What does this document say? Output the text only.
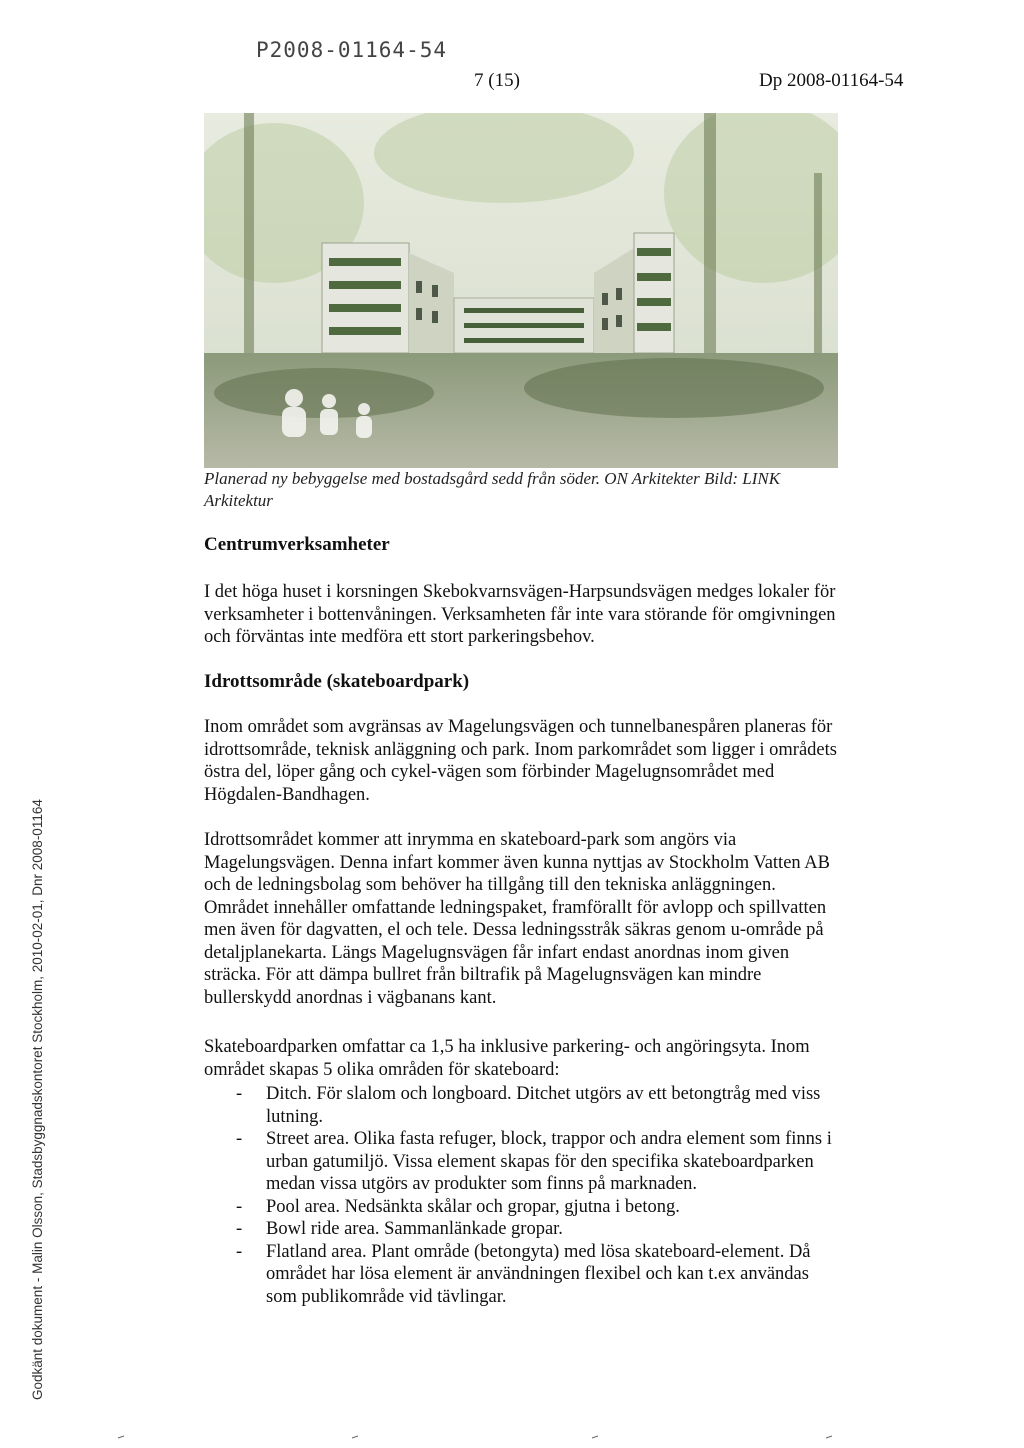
P2008-01164-54
7 (15)	Dp 2008-01164-54
Godkänt dokument - Malin Olsson, Stadsbyggnadskontoret Stockholm, 2010-02-01, Dnr 2008-01164
Planerad ny bebyggelse med bostadsgård sedd från söder. ON Arkitekter Bild: LINK Arkitektur
Centrumverksamheter

I det höga huset i korsningen Skebokvarnsvägen-Harpsundsvägen medges lokaler för verksamheter i bottenvåningen. Verksamheten får inte vara störande för omgivningen och förväntas inte medföra ett stort parkeringsbehov.

Idrottsområde (skateboardpark)

Inom området som avgränsas av Magelungsvägen och tunnelbanespåren planeras för idrottsområde, teknisk anläggning och park. Inom parkområdet som ligger i områdets östra del, löper gång och cykel-vägen som förbinder Magelugnsområdet med Högdalen-Bandhagen.

Idrottsområdet kommer att inrymma en skateboard-park som angörs via Magelungsvägen. Denna infart kommer även kunna nyttjas av Stockholm Vatten AB och de ledningsbolag som behöver ha tillgång till den tekniska anläggningen. Området innehåller omfattande ledningspaket, framförallt för avlopp och spillvatten men även för dagvatten, el och tele. Dessa ledningsstråk säkras genom u-område på detaljplanekarta. Längs Magelugnsvägen får infart endast anordnas inom given sträcka. För att dämpa bullret från biltrafik på Magelugnsvägen kan mindre bullerskydd anordnas i vägbanans kant.

Skateboardparken omfattar ca 1,5 ha inklusive parkering- och angöringsyta. Inom området skapas 5 olika områden för skateboard:

- Ditch. För slalom och longboard. Ditchet utgörs av ett betongtråg med viss lutning.
- Street area. Olika fasta refuger, block, trappor och andra element som finns i urban gatumiljö. Vissa element skapas för den specifika skateboardparken medan vissa utgörs av produkter som finns på marknaden.
- Pool area. Nedsänkta skålar och gropar, gjutna i betong.
- Bowl ride area. Sammanlänkade gropar.
- Flatland area. Plant område (betongyta) med lösa skateboard-element. Då området har lösa element är användningen flexibel och kan t.ex användas som publikområde vid tävlingar.
